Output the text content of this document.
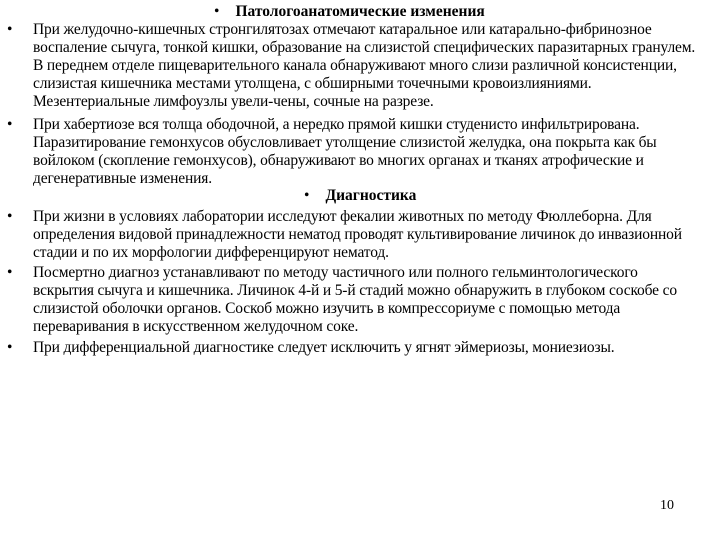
• Патологоанатомические изменения
• При желудочно-кишечных стронгилятозах отмечают катаральное или катарально-фибринозное воспаление сычуга, тонкой кишки, образование на слизистой специфических паразитарных гранулем. В переднем отделе пищеварительного канала обнаруживают много слизи различной консистенции, слизистая кишечника местами утолщена, с обширными точечными кровоизлияниями. Мезентериальные лимфоузлы увели-чены, сочные на разрезе.
• При хабертиозе вся толща ободочной, а нередко прямой кишки студенисто инфильтрирована. Паразитирование гемонхусов обусловливает утолщение слизистой желудка, она покрыта как бы войлоком (скопление гемонхусов), обнаруживают во многих органах и тканях атрофические и дегенеративные изменения.
• Диагностика
• При жизни в условиях лаборатории исследуют фекалии животных по методу Фюллеборна. Для определения видовой принадлежности нематод проводят культивирование личинок до инвазионной стадии и по их морфологии дифференцируют нематод.
• Посмертно диагноз устанавливают по методу частичного или полного гельминтологического вскрытия сычуга и кишечника. Личинок 4-й и 5-й стадий можно обнаружить в глубоком соскобе со слизистой оболочки органов. Соскоб можно изучить в компрессориуме с помощью метода переваривания в искусственном желудочном соке.
• При дифференциальной диагностике следует исключить у ягнят эймериозы, мониезиозы.
10
